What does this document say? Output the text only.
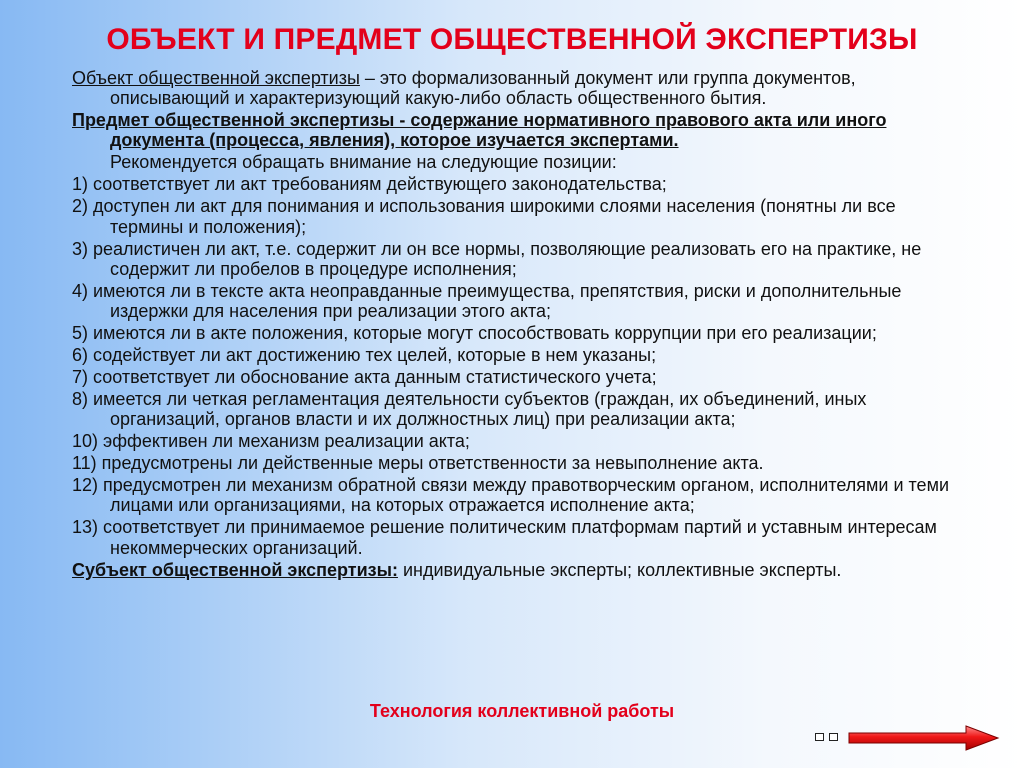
ОБЪЕКТ И ПРЕДМЕТ ОБЩЕСТВЕННОЙ ЭКСПЕРТИЗЫ

Объект общественной экспертизы – это формализованный документ или группа документов, описывающий и характеризующий какую-либо область общественного бытия.

Предмет общественной экспертизы - содержание нормативного правового акта или иного документа (процесса, явления), которое изучается экспертами.

Рекомендуется обращать внимание на следующие позиции:

1) соответствует ли акт требованиям действующего законодательства;

2) доступен ли акт для понимания и использования широкими слоями населения (понятны ли все термины и положения);

3) реалистичен ли акт, т.е. содержит ли он все нормы, позволяющие реализовать его на практике, не содержит ли пробелов в процедуре исполнения;

4) имеются ли в тексте акта неоправданные преимущества, препятствия, риски и дополнительные издержки для населения при реализации этого акта;

5) имеются ли в акте положения, которые могут способствовать коррупции при его реализации;

6) содействует ли акт достижению тех целей, которые в нем указаны;

7) соответствует ли обоснование акта данным статистического учета;

8) имеется ли четкая регламентация деятельности субъектов (граждан, их объединений, иных организаций, органов власти и их должностных лиц) при реализации акта;

10) эффективен ли механизм реализации акта;

11) предусмотрены ли действенные меры ответственности за невыполнение акта.

12) предусмотрен ли механизм обратной связи между правотворческим органом, исполнителями и теми лицами или организациями, на которых отражается исполнение акта;

13) соответствует ли принимаемое решение политическим платформам партий и уставным интересам некоммерческих организаций.

Субъект общественной экспертизы: индивидуальные эксперты; коллективные эксперты.

Технология коллективной работы
